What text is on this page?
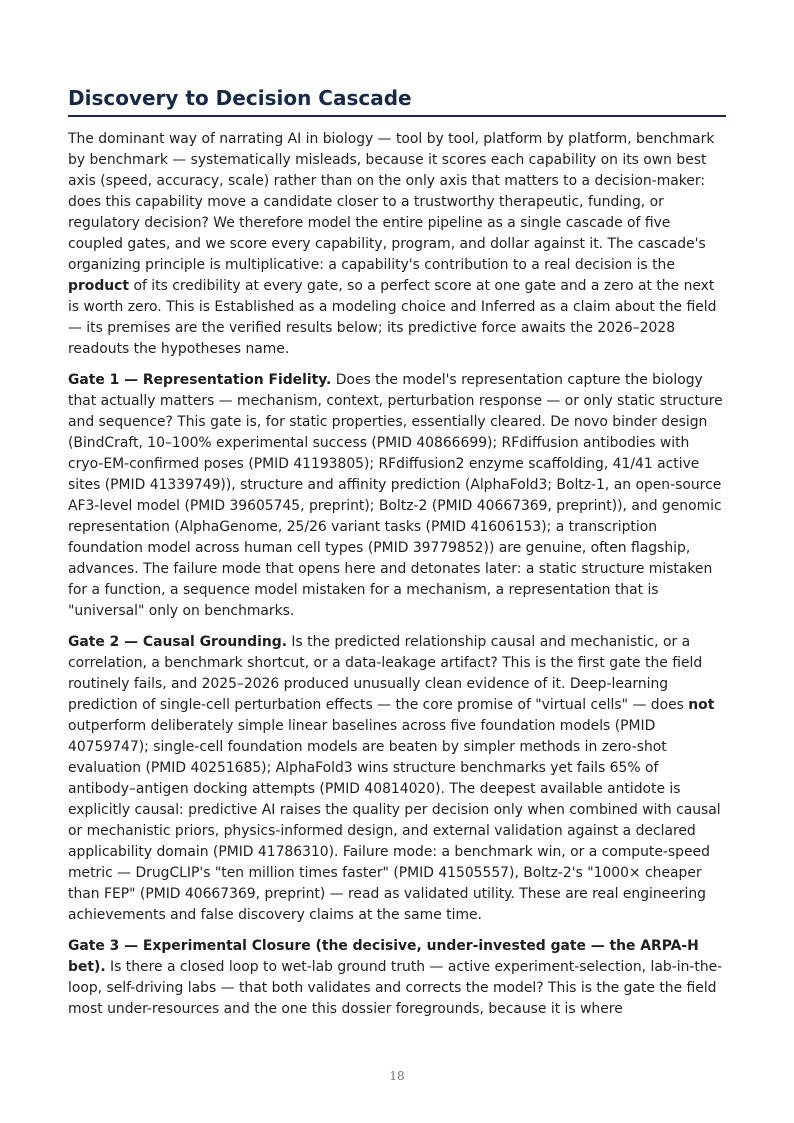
Discovery to Decision Cascade

The dominant way of narrating AI in biology — tool by tool, platform by platform, benchmark by benchmark — systematically misleads, because it scores each capability on its own best axis (speed, accuracy, scale) rather than on the only axis that matters to a decision-maker: does this capability move a candidate closer to a trustworthy therapeutic, funding, or regulatory decision? We therefore model the entire pipeline as a single cascade of five coupled gates, and we score every capability, program, and dollar against it. The cascade's organizing principle is multiplicative: a capability's contribution to a real decision is the product of its credibility at every gate, so a perfect score at one gate and a zero at the next is worth zero. This is Established as a modeling choice and Inferred as a claim about the field — its premises are the verified results below; its predictive force awaits the 2026–2028 readouts the hypotheses name.

Gate 1 — Representation Fidelity. Does the model's representation capture the biology that actually matters — mechanism, context, perturbation response — or only static structure and sequence? This gate is, for static properties, essentially cleared. De novo binder design (BindCraft, 10–100% experimental success (PMID 40866699); RFdiffusion antibodies with cryo-EM-confirmed poses (PMID 41193805); RFdiffusion2 enzyme scaffolding, 41/41 active sites (PMID 41339749)), structure and affinity prediction (AlphaFold3; Boltz-1, an open-source AF3-level model (PMID 39605745, preprint); Boltz-2 (PMID 40667369, preprint)), and genomic representation (AlphaGenome, 25/26 variant tasks (PMID 41606153); a transcription foundation model across human cell types (PMID 39779852)) are genuine, often flagship, advances. The failure mode that opens here and detonates later: a static structure mistaken for a function, a sequence model mistaken for a mechanism, a representation that is "universal" only on benchmarks.

Gate 2 — Causal Grounding. Is the predicted relationship causal and mechanistic, or a correlation, a benchmark shortcut, or a data-leakage artifact? This is the first gate the field routinely fails, and 2025–2026 produced unusually clean evidence of it. Deep-learning prediction of single-cell perturbation effects — the core promise of "virtual cells" — does not outperform deliberately simple linear baselines across five foundation models (PMID 40759747); single-cell foundation models are beaten by simpler methods in zero-shot evaluation (PMID 40251685); AlphaFold3 wins structure benchmarks yet fails 65% of antibody–antigen docking attempts (PMID 40814020). The deepest available antidote is explicitly causal: predictive AI raises the quality per decision only when combined with causal or mechanistic priors, physics-informed design, and external validation against a declared applicability domain (PMID 41786310). Failure mode: a benchmark win, or a compute-speed metric — DrugCLIP's "ten million times faster" (PMID 41505557), Boltz-2's "1000× cheaper than FEP" (PMID 40667369, preprint) — read as validated utility. These are real engineering achievements and false discovery claims at the same time.

Gate 3 — Experimental Closure (the decisive, under-invested gate — the ARPA-H bet). Is there a closed loop to wet-lab ground truth — active experiment-selection, lab-in-the-loop, self-driving labs — that both validates and corrects the model? This is the gate the field most under-resources and the one this dossier foregrounds, because it is where

18
